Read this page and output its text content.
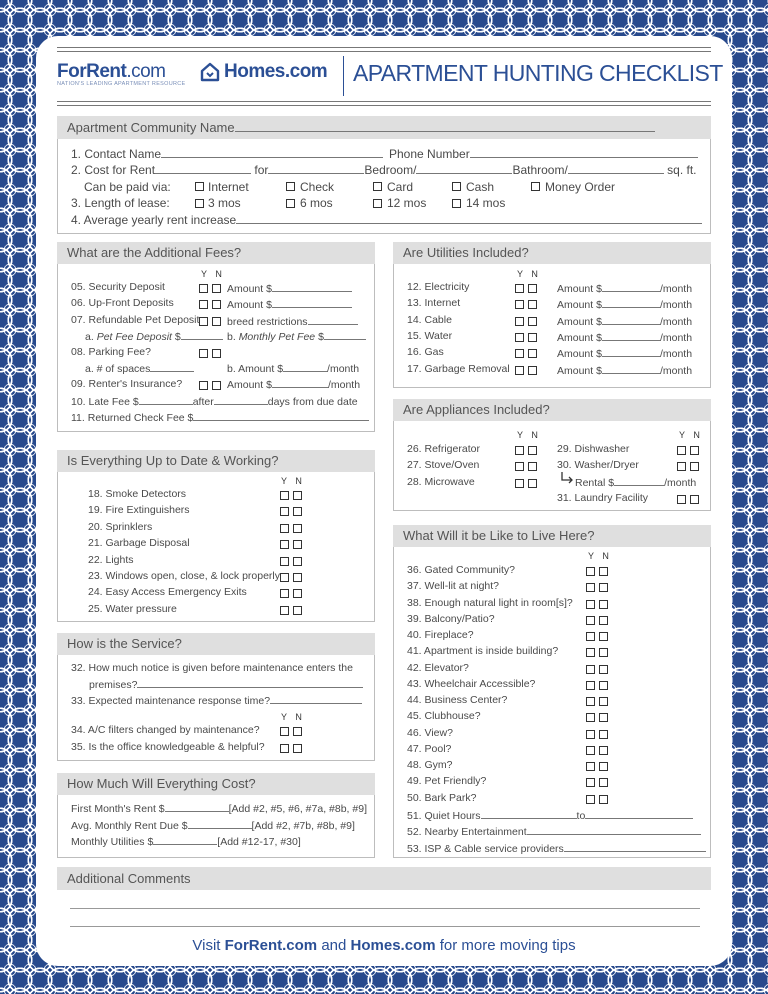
ForRent.com
NATION'S LEADING APARTMENT RESOURCE
Homes.com APARTMENT HUNTING CHECKLIST
Apartment Community Name
1. Contact Name	Phone Number
2. Cost for Rent	for	Bedroom/	Bathroom/	sq. ft.
Can be paid via:	Internet	Check	Card	Cash	Money Order
3. Length of lease:	3 mos	6 mos	12 mos	14 mos
4. Average yearly rent increase
What are the Additional Fees?
Y N
05. Security Deposit	Amount $
06. Up-Front Deposits	Amount $
07. Refundable Pet Deposit	breed restrictions
a. Pet Fee Deposit $	b. Monthly Pet Fee $
08. Parking Fee?
a. # of spaces	b. Amount $	/month
09. Renter's Insurance?	Amount $	/month
10. Late Fee $	after	days from due date
11. Returned Check Fee $
Are Utilities Included?
Y N
12. Electricity	Amount $	/month
13. Internet	Amount $	/month
14. Cable	Amount $	/month
15. Water	Amount $	/month
16. Gas	Amount $	/month
17. Garbage Removal	Amount $	/month
Are Appliances Included?
Y N	Y N
26. Refrigerator
27. Stove/Oven
28. Microwave
29. Dishwasher
30. Washer/Dryer
Rental $	/month
31. Laundry Facility
Is Everything Up to Date & Working?
Y N
18. Smoke Detectors
19. Fire Extinguishers
20. Sprinklers
21. Garbage Disposal
22. Lights
23. Windows open, close, & lock properly
24. Easy Access Emergency Exits
25. Water pressure
How is the Service?
32. How much notice is given before maintenance enters the
premises?
33. Expected maintenance response time?
Y N
34. A/C filters changed by maintenance?
35. Is the office knowledgeable & helpful?
How Much Will Everything Cost?
First Month's Rent $	[Add #2, #5, #6, #7a, #8b, #9]
Avg. Monthly Rent Due $	[Add #2, #7b, #8b, #9]
Monthly Utilities $	[Add #12-17, #30]
What Will it be Like to Live Here?
Y N
36. Gated Community?
37. Well-lit at night?
38. Enough natural light in room[s]?
39. Balcony/Patio?
40. Fireplace?
41. Apartment is inside building?
42. Elevator?
43. Wheelchair Accessible?
44. Business Center?
45. Clubhouse?
46. View?
47. Pool?
48. Gym?
49. Pet Friendly?
50. Bark Park?
51. Quiet Hours	to
52. Nearby Entertainment
53. ISP & Cable service providers
Additional Comments
Visit ForRent.com and Homes.com for more moving tips
